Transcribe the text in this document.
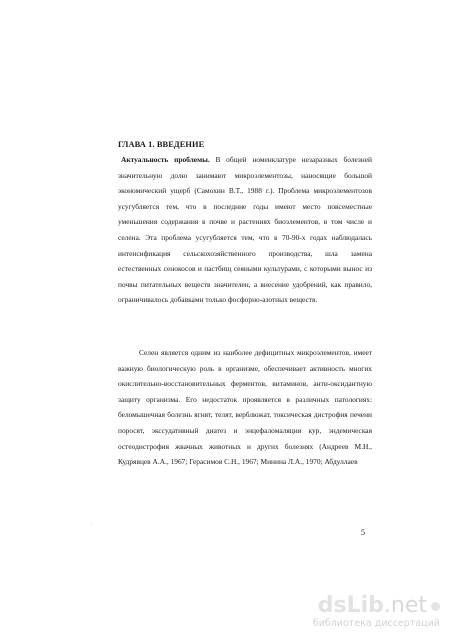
ГЛАВА 1. ВВЕДЕНИЕ
Актуальность проблемы. В общей номенклатуре незаразных болезней значительную долю занимают микроэлементозы, наносящие большой экономический ущерб (Самохин В.Т., 1988 г.). Проблема микроэлементозов усугубляется тем, что в последние годы имеют место повсеместные уменьшения содержания в почве и растениях биоэлементов, в том числе и селена. Эта проблема усугубляется тем, что в 70-90-х годах наблюдалась интенсификация сельскохозяйственного производства, шла замена естественных сенокосов и пастбищ сеяными культурами, с которыми вынос из почвы питательных веществ значителен, а внесение удобрений, как правило, ограничивалось добавками только фосфорно-азотных веществ.
Селен является одним из наиболее дефицитных микроэлементов, имеет важную биологическую роль в организме, обеспечивает активность многих окислительно-восстановительных ферментов, витаминов, анти-оксидантную защиту организма. Его недостаток проявляется в различных патологиях: беломышечная болезнь ягнят, телят, верблюжат, токсическая дистрофия печени поросят, экссудативный диатез и энцефаломаляция кур, эндемическая остеодистрофия жвачных животных и других болезнях (Андреев М.Н., Кудрявцев А.А., 1967; Герасимов С.Н., 1967; Минина Л.А., 1970; Абдуллаев
·
5
dsLib.net
библиотека диссертаций
